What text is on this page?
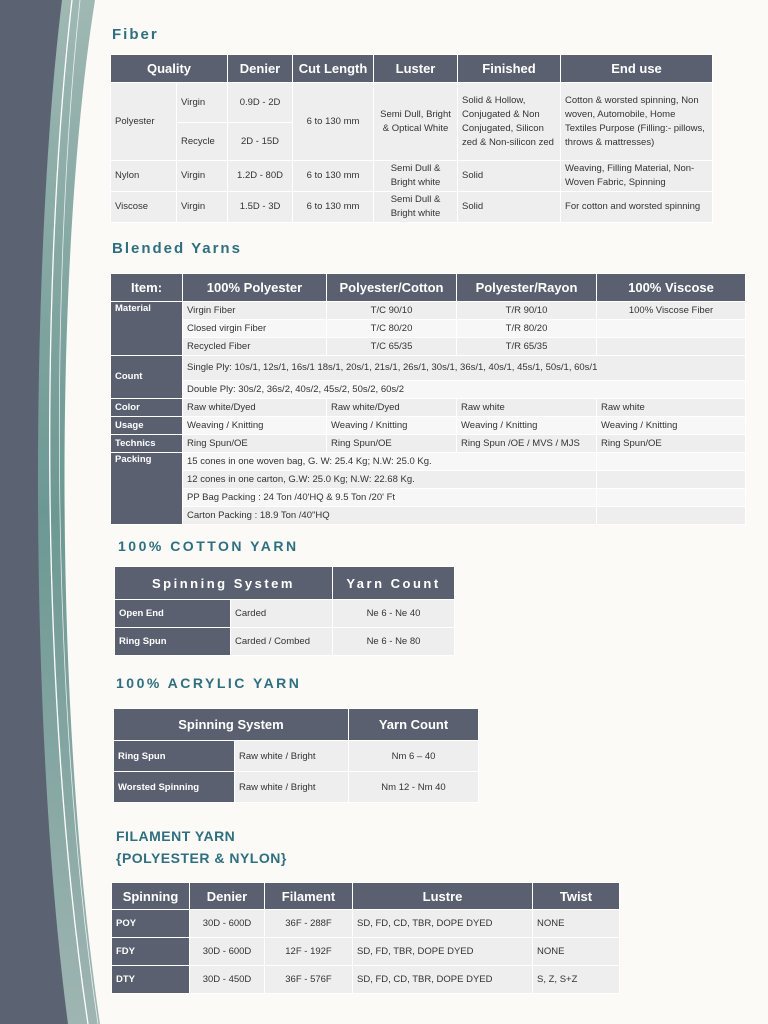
Fiber
Quality		Denier	Cut Length	Luster	Finished	End use
Polyester	Virgin	0.9D - 2D	6 to 130 mm	Semi Dull, Bright & Optical White	Solid & Hollow, Conjugated & Non Conjugated, Silicon zed & Non-silicon zed	Cotton & worsted spinning, Non woven, Automobile, Home Textiles Purpose (Filling:- pillows, throws & mattresses)
	Recycle	2D - 15D				
Nylon	Virgin	1.2D - 80D	6 to 130 mm	Semi Dull & Bright white	Solid	Weaving, Filling Material, Non-Woven Fabric, Spinning
Viscose	Virgin	1.5D - 3D	6 to 130 mm	Semi Dull & Bright white	Solid	For cotton and worsted spinning
Blended Yarns
Item:	100% Polyester	Polyester/Cotton	Polyester/Rayon	100% Viscose
Material	Virgin Fiber	T/C 90/10	T/R 90/10	100% Viscose Fiber
	Closed virgin Fiber	T/C 80/20	T/R 80/20	
	Recycled Fiber	T/C 65/35	T/R 65/35	
Count	Single Ply: 10s/1, 12s/1, 16s/1 18s/1, 20s/1, 21s/1, 26s/1, 30s/1, 36s/1, 40s/1, 45s/1, 50s/1, 60s/1			
	Double Ply: 30s/2, 36s/2, 40s/2, 45s/2, 50s/2, 60s/2			
Color	Raw white/Dyed	Raw white/Dyed	Raw white	Raw white
Usage	Weaving / Knitting	Weaving / Knitting	Weaving / Knitting	Weaving / Knitting
Technics	Ring Spun/OE	Ring Spun/OE	Ring Spun /OE / MVS / MJS	Ring Spun/OE
Packing	15 cones in one woven bag, G. W: 25.4 Kg; N.W: 25.0 Kg.			
	12 cones in one carton, G.W: 25.0 Kg; N.W: 22.68 Kg.			
	PP Bag Packing : 24 Ton /40'HQ & 9.5 Ton /20' Ft			
	Carton Packing : 18.9 Ton /40"HQ			
100% COTTON YARN
Spinning System		Yarn Count
Open End	Carded	Ne 6 - Ne 40
Ring Spun	Carded / Combed	Ne 6 - Ne 80
100% ACRYLIC YARN
Spinning System		Yarn Count
Ring Spun	Raw white / Bright	Nm 6 – 40
Worsted Spinning	Raw white / Bright	Nm 12 - Nm 40
FILAMENT YARN
{POLYESTER & NYLON}
Spinning	Denier	Filament	Lustre	Twist
POY	30D - 600D	36F - 288F	SD, FD, CD, TBR, DOPE DYED	NONE
FDY	30D - 600D	12F - 192F	SD, FD, TBR, DOPE DYED	NONE
DTY	30D - 450D	36F - 576F	SD, FD, CD, TBR, DOPE DYED	S, Z, S+Z
